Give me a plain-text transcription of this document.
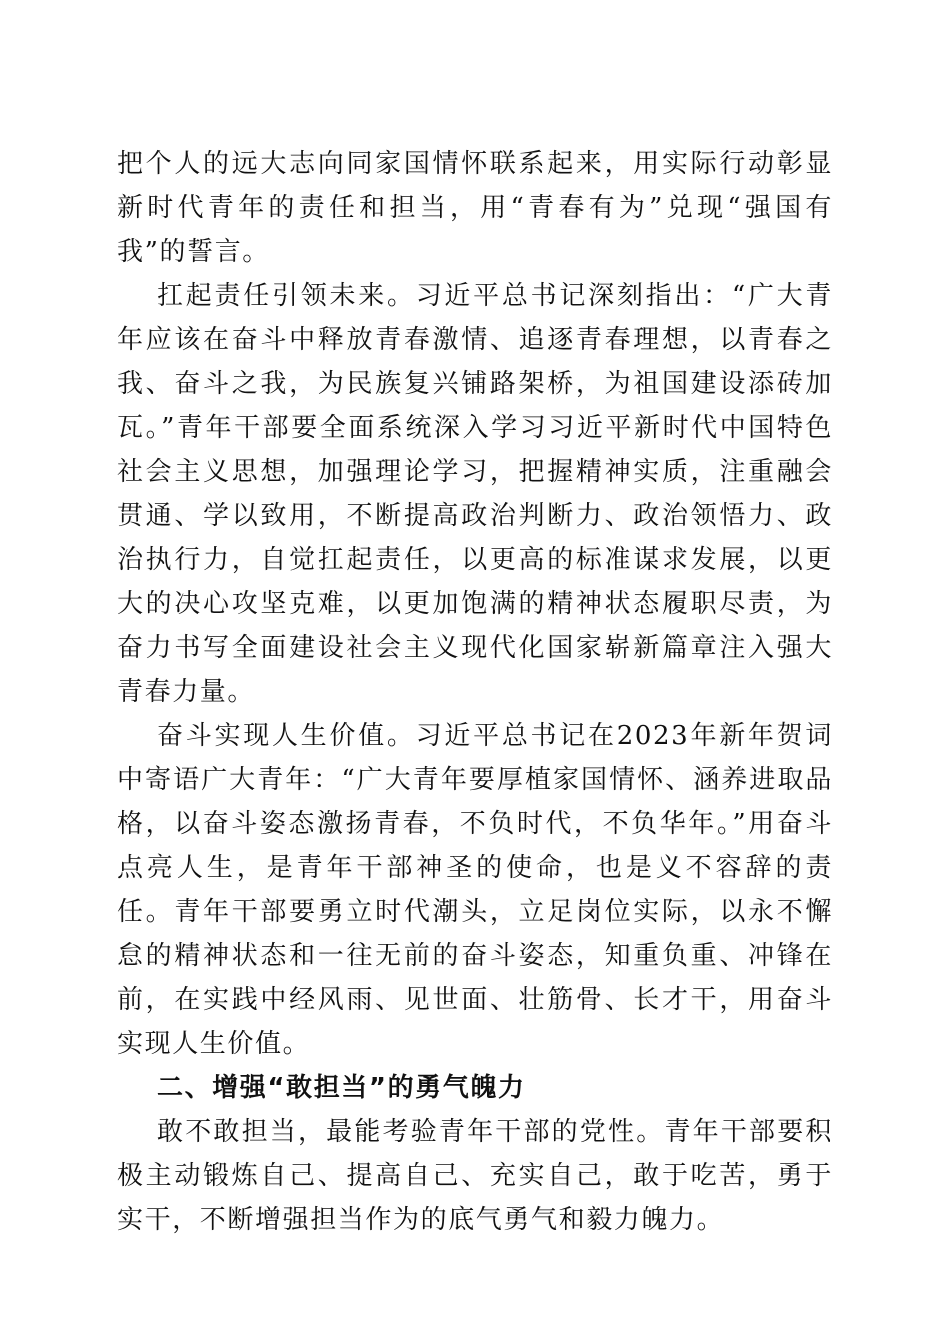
把个人的远大志向同家国情怀联系起来，用实际行动彰显新时代青年的责任和担当，用“青春有为”兑现“强国有我”的誓言。

扛起责任引领未来。习近平总书记深刻指出：“广大青年应该在奋斗中释放青春激情、追逐青春理想，以青春之我、奋斗之我，为民族复兴铺路架桥，为祖国建设添砖加瓦。”青年干部要全面系统深入学习习近平新时代中国特色社会主义思想，加强理论学习，把握精神实质，注重融会贯通、学以致用，不断提高政治判断力、政治领悟力、政治执行力，自觉扛起责任，以更高的标准谋求发展，以更大的决心攻坚克难，以更加饱满的精神状态履职尽责，为奋力书写全面建设社会主义现代化国家崭新篇章注入强大青春力量。

奋斗实现人生价值。习近平总书记在2023年新年贺词中寄语广大青年：“广大青年要厚植家国情怀、涵养进取品格，以奋斗姿态激扬青春，不负时代，不负华年。”用奋斗点亮人生，是青年干部神圣的使命，也是义不容辞的责任。青年干部要勇立时代潮头，立足岗位实际，以永不懈怠的精神状态和一往无前的奋斗姿态，知重负重、冲锋在前，在实践中经风雨、见世面、壮筋骨、长才干，用奋斗实现人生价值。

二、增强“敢担当”的勇气魄力

敢不敢担当，最能考验青年干部的党性。青年干部要积极主动锻炼自己、提高自己、充实自己，敢于吃苦，勇于实干，不断增强担当作为的底气勇气和毅力魄力。
